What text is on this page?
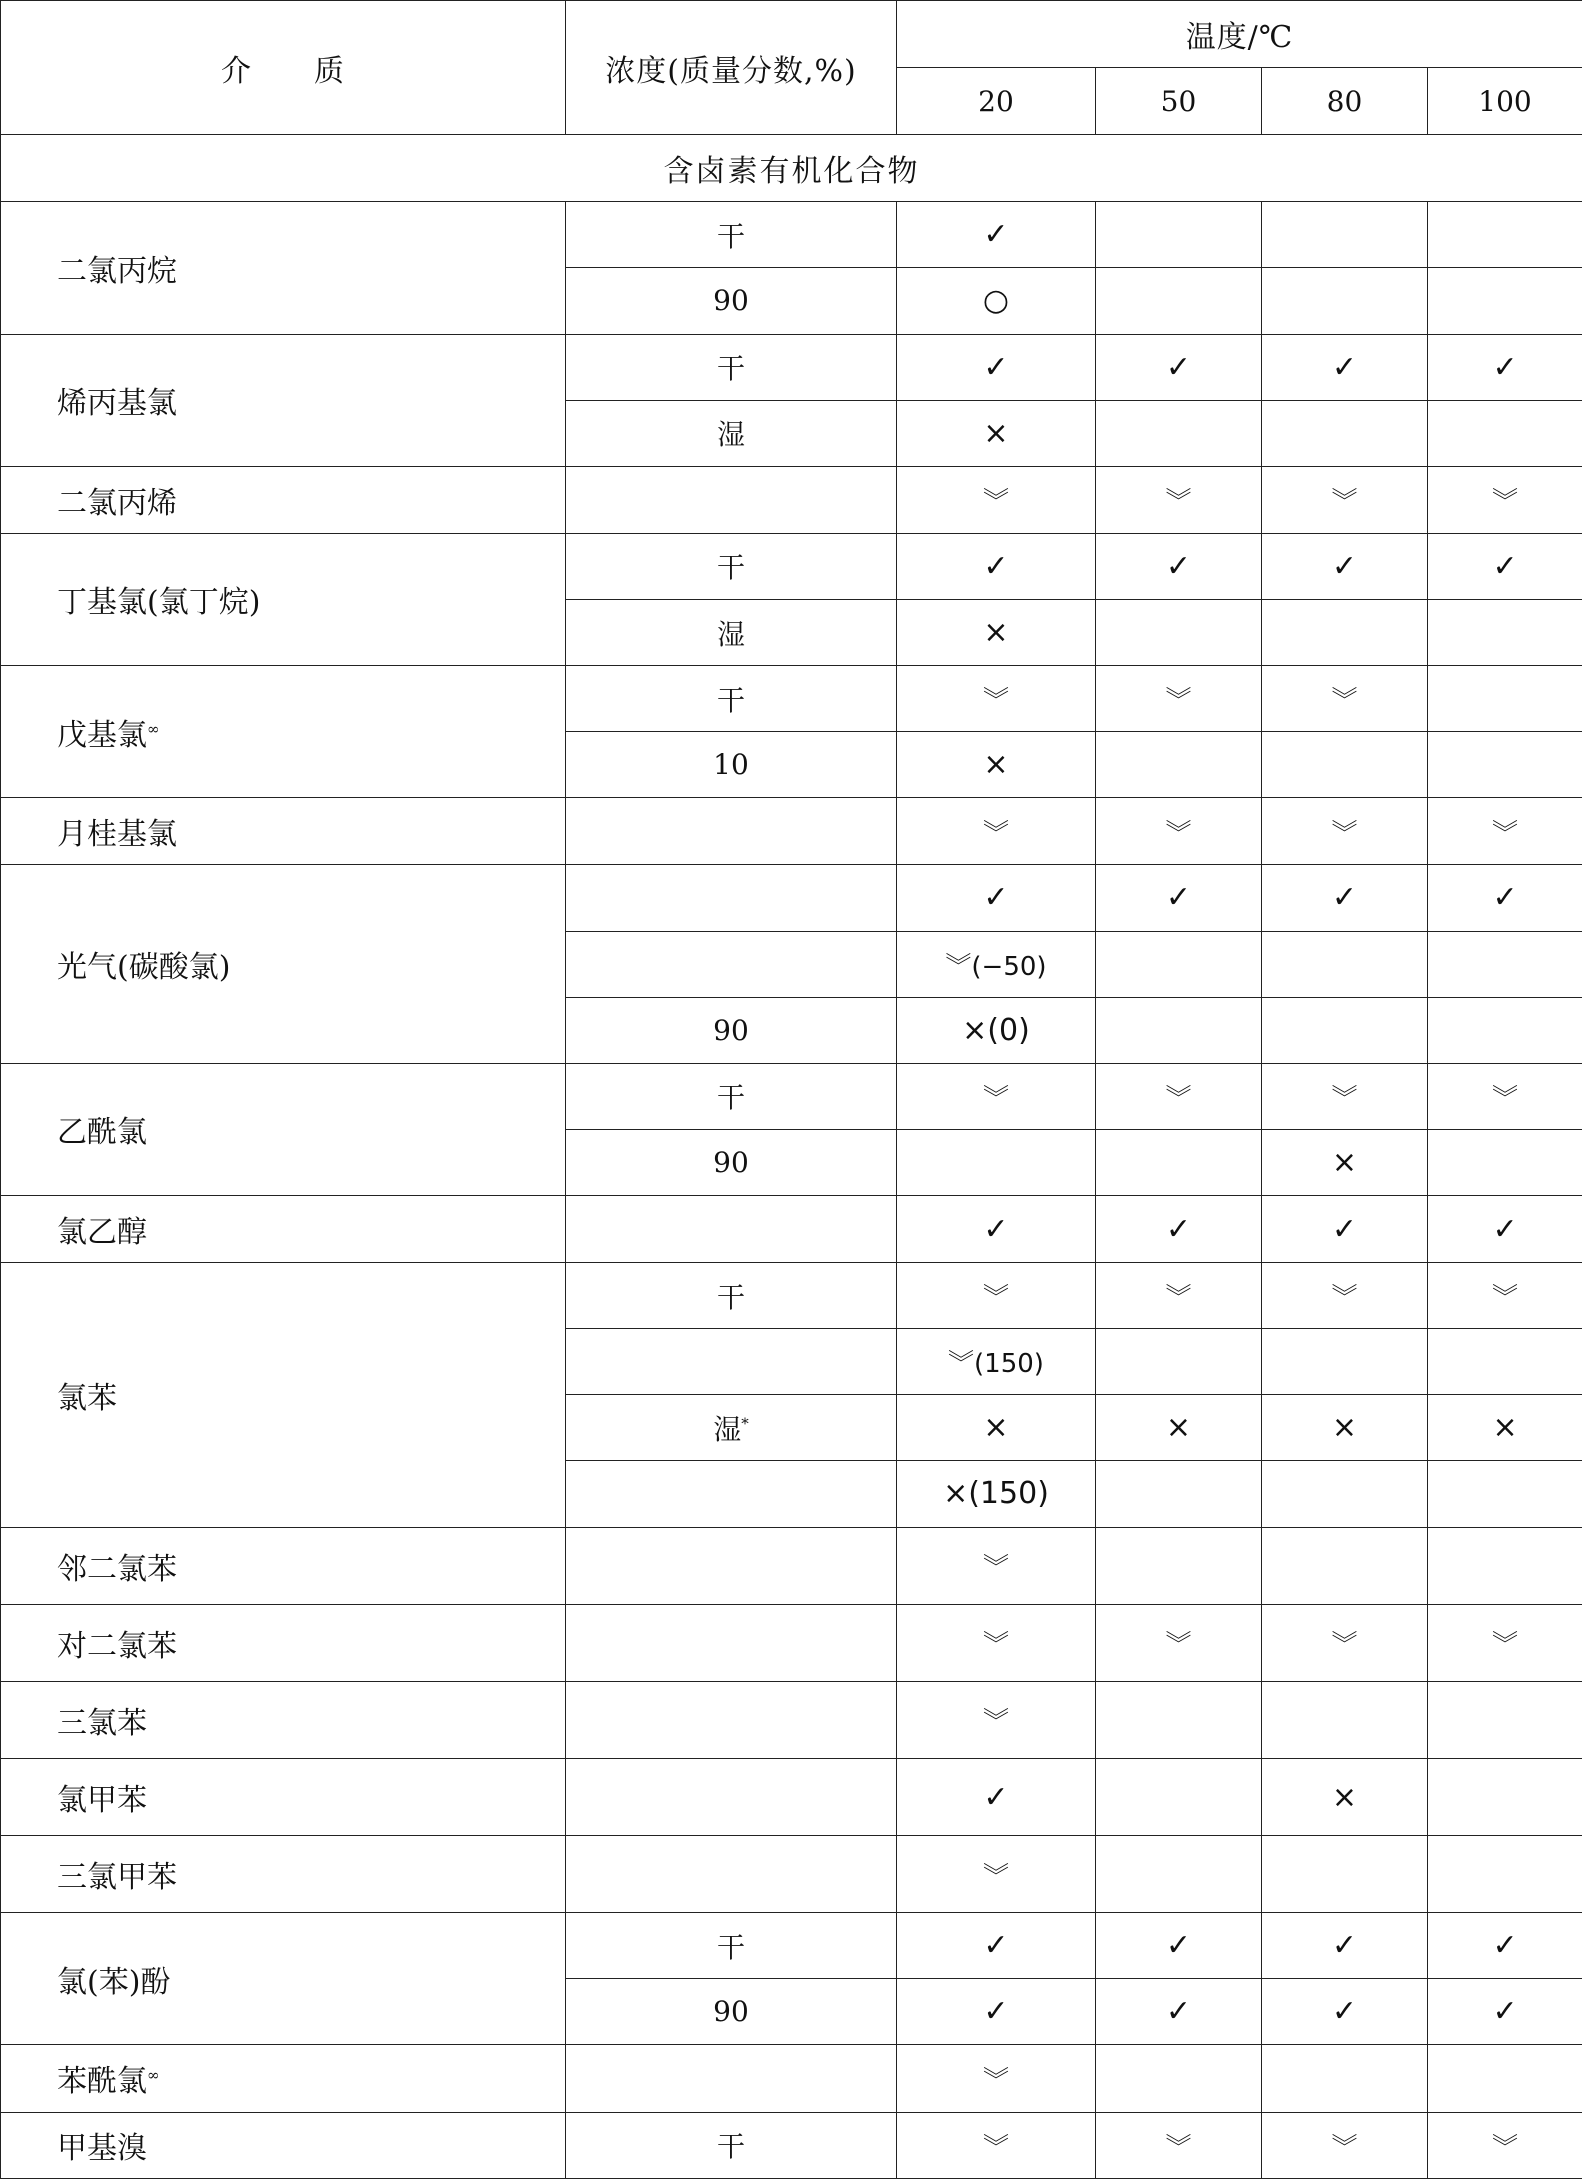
介　　质	浓度(质量分数,%)	温度/℃			
		20	50	80	100
含卤素有机化合物					
二氯丙烷	干	✓			
	90	○			
烯丙基氯	干	✓	✓	✓	✓
	湿	×			
二氯丙烯		︾	︾	︾	︾
丁基氯(氯丁烷)	干	✓	✓	✓	✓
	湿	×			
戊基氯∞	干	︾	︾	︾	
	10	×			
月桂基氯		︾	︾	︾	︾
光气(碳酸氯)		✓	✓	✓	✓
		︾(−50)			
	90	×(0)			
乙酰氯	干	︾	︾	︾	︾
	90			×	
氯乙醇		✓	✓	✓	✓
氯苯	干	︾	︾	︾	︾
		︾(150)			
	湿*	×	×	×	×
		×(150)			
邻二氯苯		︾			
对二氯苯		︾	︾	︾	︾
三氯苯		︾			
氯甲苯		✓		×	
三氯甲苯		︾			
氯(苯)酚	干	✓	✓	✓	✓
	90	✓	✓	✓	✓
苯酰氯∞		︾			
甲基溴	干	︾	︾	︾	︾
